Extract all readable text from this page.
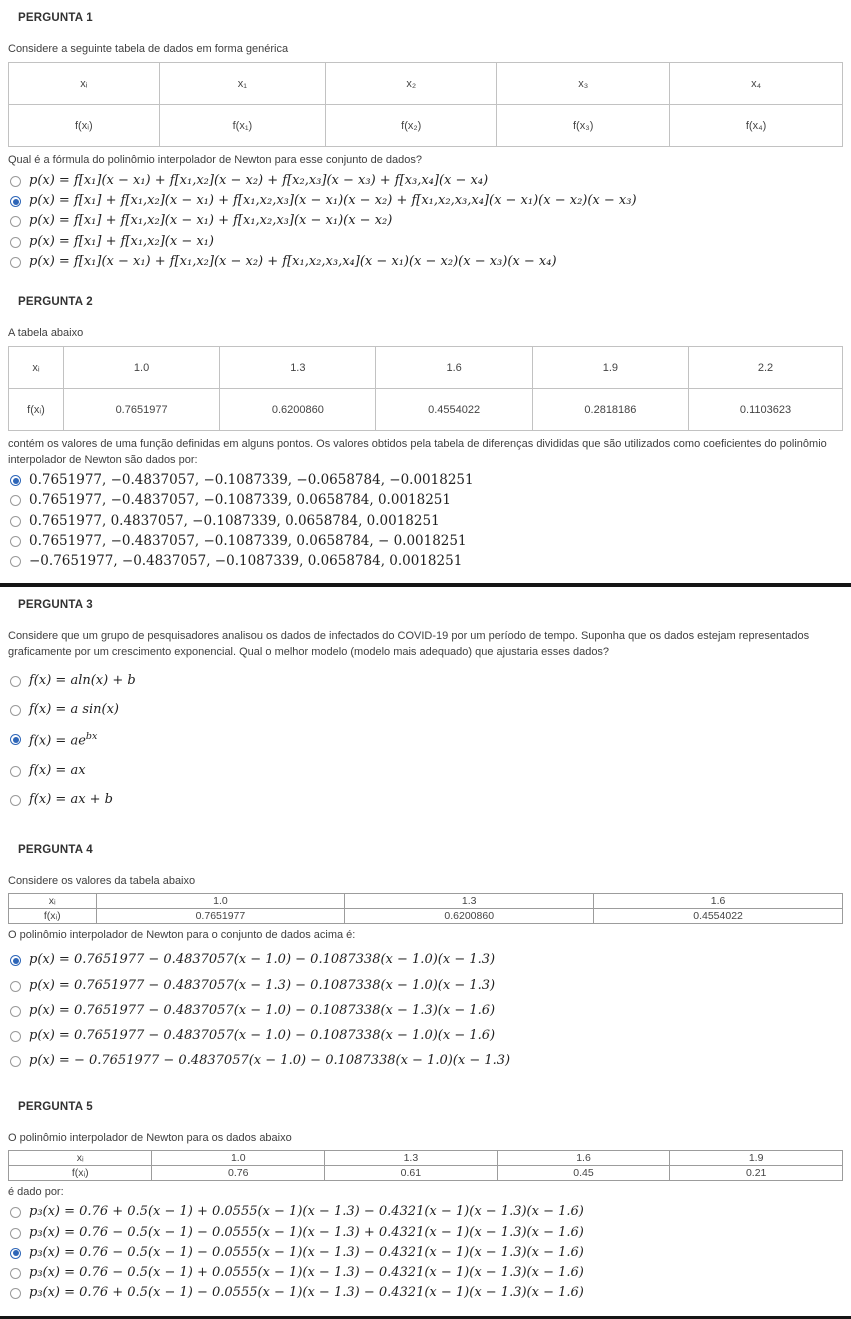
PERGUNTA 1
Considere a seguinte tabela de dados em forma genérica
xᵢ	x₁	x₂	x₃	x₄
f(xᵢ)	f(x₁)	f(x₂)	f(x₃)	f(x₄)
Qual é a fórmula do polinômio interpolador de Newton para esse conjunto de dados?
p(x) = f[x₁](x − x₁) + f[x₁,x₂](x − x₂) + f[x₂,x₃](x − x₃) + f[x₃,x₄](x − x₄)
p(x) = f[x₁] + f[x₁,x₂](x − x₁) + f[x₁,x₂,x₃](x − x₁)(x − x₂) + f[x₁,x₂,x₃,x₄](x − x₁)(x − x₂)(x − x₃)
p(x) = f[x₁] + f[x₁,x₂](x − x₁) + f[x₁,x₂,x₃](x − x₁)(x − x₂)
p(x) = f[x₁] + f[x₁,x₂](x − x₁)
p(x) = f[x₁](x − x₁) + f[x₁,x₂](x − x₂) + f[x₁,x₂,x₃,x₄](x − x₁)(x − x₂)(x − x₃)(x − x₄)
PERGUNTA 2
A tabela abaixo
xᵢ	1.0	1.3	1.6	1.9	2.2
f(xᵢ)	0.7651977	0.6200860	0.4554022	0.2818186	0.1103623
contém os valores de uma função definidas em alguns pontos. Os valores obtidos pela tabela de diferenças divididas que são utilizados como coeficientes do polinômio interpolador de Newton são dados por:
0.7651977, −0.4837057, −0.1087339, −0.0658784, −0.0018251
0.7651977, −0.4837057, −0.1087339, 0.0658784, 0.0018251
0.7651977, 0.4837057, −0.1087339, 0.0658784, 0.0018251
0.7651977, −0.4837057, −0.1087339, 0.0658784, − 0.0018251
−0.7651977, −0.4837057, −0.1087339, 0.0658784, 0.0018251
PERGUNTA 3
Considere que um grupo de pesquisadores analisou os dados de infectados do COVID-19 por um período de tempo. Suponha que os dados estejam representados graficamente por um crescimento exponencial. Qual o melhor modelo (modelo mais adequado) que ajustaria esses dados?
f(x) = aln(x) + b
f(x) = a sin(x)
$f(x) = ae^{bx}$
f(x) = ax
f(x) = ax + b
PERGUNTA 4
Considere os valores da tabela abaixo
xᵢ	1.0	1.3	1.6
f(xᵢ)	0.7651977	0.6200860	0.4554022
O polinômio interpolador de Newton para o conjunto de dados acima é:
p(x) = 0.7651977 − 0.4837057(x − 1.0) − 0.1087338(x − 1.0)(x − 1.3)
p(x) = 0.7651977 − 0.4837057(x − 1.3) − 0.1087338(x − 1.0)(x − 1.3)
p(x) = 0.7651977 − 0.4837057(x − 1.0) − 0.1087338(x − 1.3)(x − 1.6)
p(x) = 0.7651977 − 0.4837057(x − 1.0) − 0.1087338(x − 1.0)(x − 1.6)
p(x) = − 0.7651977 − 0.4837057(x − 1.0) − 0.1087338(x − 1.0)(x − 1.3)
PERGUNTA 5
O polinômio interpolador de Newton para os dados abaixo
xᵢ	1.0	1.3	1.6	1.9
f(xᵢ)	0.76	0.61	0.45	0.21
é dado por:
p₃(x) = 0.76 + 0.5(x − 1) + 0.0555(x − 1)(x − 1.3) − 0.4321(x − 1)(x − 1.3)(x − 1.6)
p₃(x) = 0.76 − 0.5(x − 1) − 0.0555(x − 1)(x − 1.3) + 0.4321(x − 1)(x − 1.3)(x − 1.6)
p₃(x) = 0.76 − 0.5(x − 1) − 0.0555(x − 1)(x − 1.3) − 0.4321(x − 1)(x − 1.3)(x − 1.6)
p₃(x) = 0.76 − 0.5(x − 1) + 0.0555(x − 1)(x − 1.3) − 0.4321(x − 1)(x − 1.3)(x − 1.6)
p₃(x) = 0.76 + 0.5(x − 1) − 0.0555(x − 1)(x − 1.3) − 0.4321(x − 1)(x − 1.3)(x − 1.6)
